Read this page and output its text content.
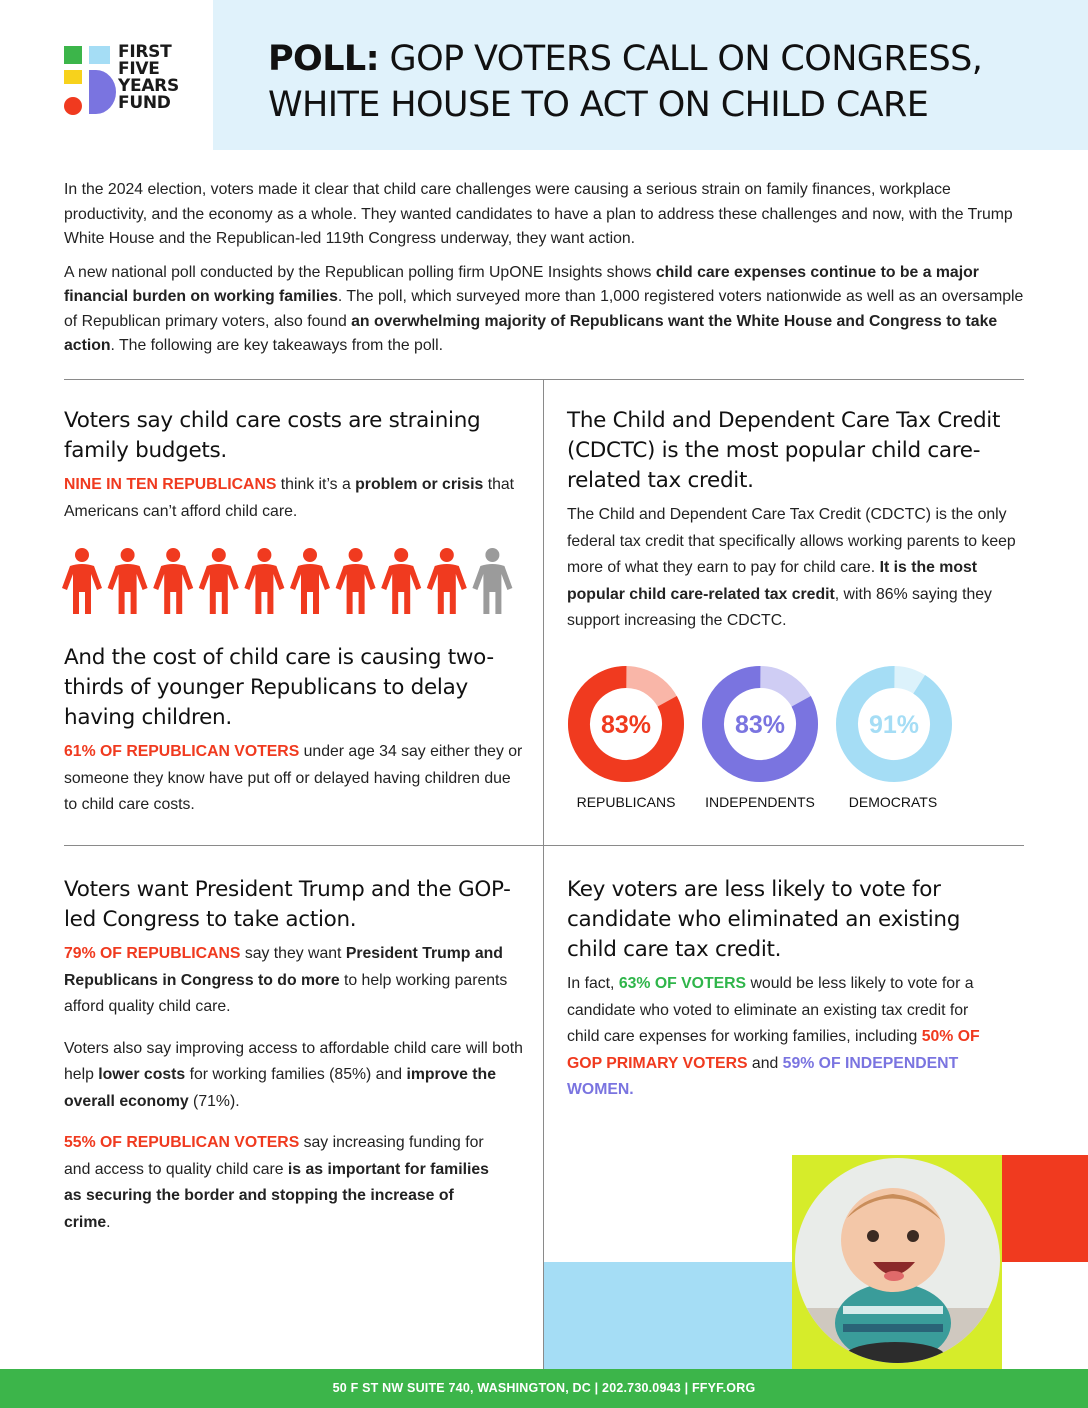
FIRST
FIVE
YEARS
FUND
POLL: GOP VOTERS CALL ON CONGRESS,
WHITE HOUSE TO ACT ON CHILD CARE

In the 2024 election, voters made it clear that child care challenges were causing a serious strain on family finances, workplace productivity, and the economy as a whole. They wanted candidates to have a plan to address these challenges and now, with the Trump White House and the Republican-led 119th Congress underway, they want action.

A new national poll conducted by the Republican polling firm UpONE Insights shows child care expenses continue to be a major financial burden on working families. The poll, which surveyed more than 1,000 registered voters nationwide as well as an oversample of Republican primary voters, also found an overwhelming majority of Republicans want the White House and Congress to take action. The following are key takeaways from the poll.

Voters say child care costs are straining family budgets.

NINE IN TEN REPUBLICANS think it’s a problem or crisis that Americans can’t afford child care.

And the cost of child care is causing two-thirds of younger Republicans to delay having children.

61% OF REPUBLICAN VOTERS under age 34 say either they or someone they know have put off or delayed having children due to child care costs.

The Child and Dependent Care Tax Credit (CDCTC) is the most popular child care-related tax credit.

The Child and Dependent Care Tax Credit (CDCTC) is the only federal tax credit that specifically allows working parents to keep more of what they earn to pay for child care. It is the most popular child care-related tax credit, with 86% saying they support increasing the CDCTC.

83%	83%	91%
REPUBLICANS	INDEPENDENTS	DEMOCRATS
Voters want President Trump and the GOP-led Congress to take action.

79% OF REPUBLICANS say they want President Trump and Republicans in Congress to do more to help working parents afford quality child care.

Voters also say improving access to affordable child care will both help lower costs for working families (85%) and improve the overall economy (71%).

55% OF REPUBLICAN VOTERS say increasing funding for and access to quality child care is as important for families as securing the border and stopping the increase of crime.

Key voters are less likely to vote for candidate who eliminated an existing child care tax credit.

In fact, 63% OF VOTERS would be less likely to vote for a candidate who voted to eliminate an existing tax credit for child care expenses for working families, including 50% OF GOP PRIMARY VOTERS and 59% OF INDEPENDENT WOMEN.

50 F ST NW SUITE 740, WASHINGTON, DC | 202.730.0943 | FFYF.ORG
